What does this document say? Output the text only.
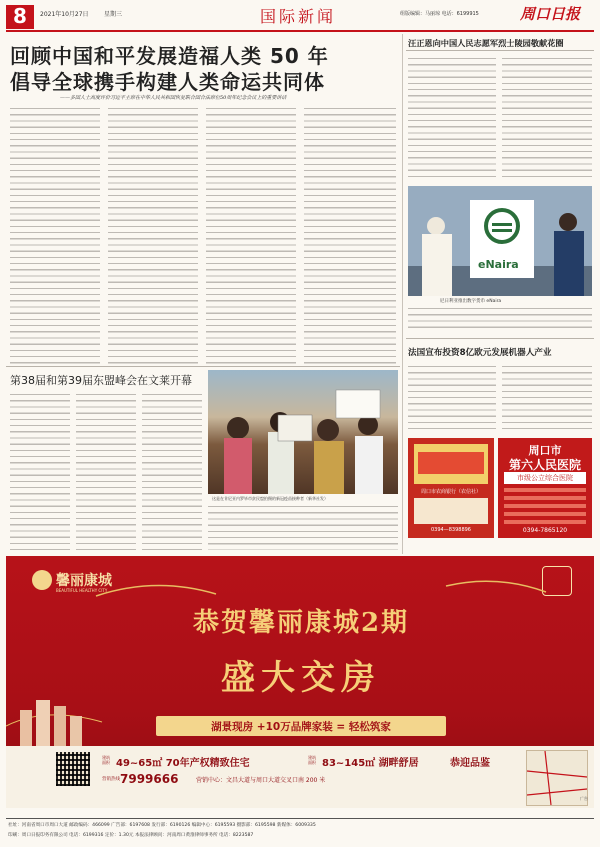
8	2021年10月27日	星期三	国际新闻	组版编辑：马丽琼 电话：6199915	周口日报
回顾中国和平发展造福人类 50 年
倡导全球携手构建人类命运共同体
——多国人士高度评价习近平主席在中华人民共和国恢复联合国合法席位50周年纪念会议上的重要讲话
第38届和第39届东盟峰会在文莱开幕
这是在肯尼亚内罗毕市贫民窟拍摄的新冠疫苗接种者（新华社发）
汪正恩向中国人民志愿军烈士陵园敬献花圈
eNaira
尼日利亚推出数字货币 eNaira
法国宣布投资8亿欧元发展机器人产业
周口市农商银行（农信社）
0394—8398896
周口市
第六人民医院
市级公立综合医院
0394-7865120
馨丽康城
BEAUTIFUL HEALTHY CITY
恭贺馨丽康城2期
盛大交房
湖景现房 +10万品牌家装 = 轻松筑家
建筑面积 49~65㎡ 70年产权精致住宅
建筑面积 83~145㎡ 湖畔舒居	恭迎品鉴
营销热线 7999666	营销中心：文昌大道与周口大道交叉口南 200 米
广告
社址：河南省周口市周口大道 邮政编码：466099 广告部：6197608 发行部：6190126 编辑中心：6195593 摄影部：6195598 新媒体：6009335
印刷：周口日报印务有限公司 电话：6199316 定价：1.30元 本报法律顾问：河南周口黄淮律师事务所 电话：8223587
